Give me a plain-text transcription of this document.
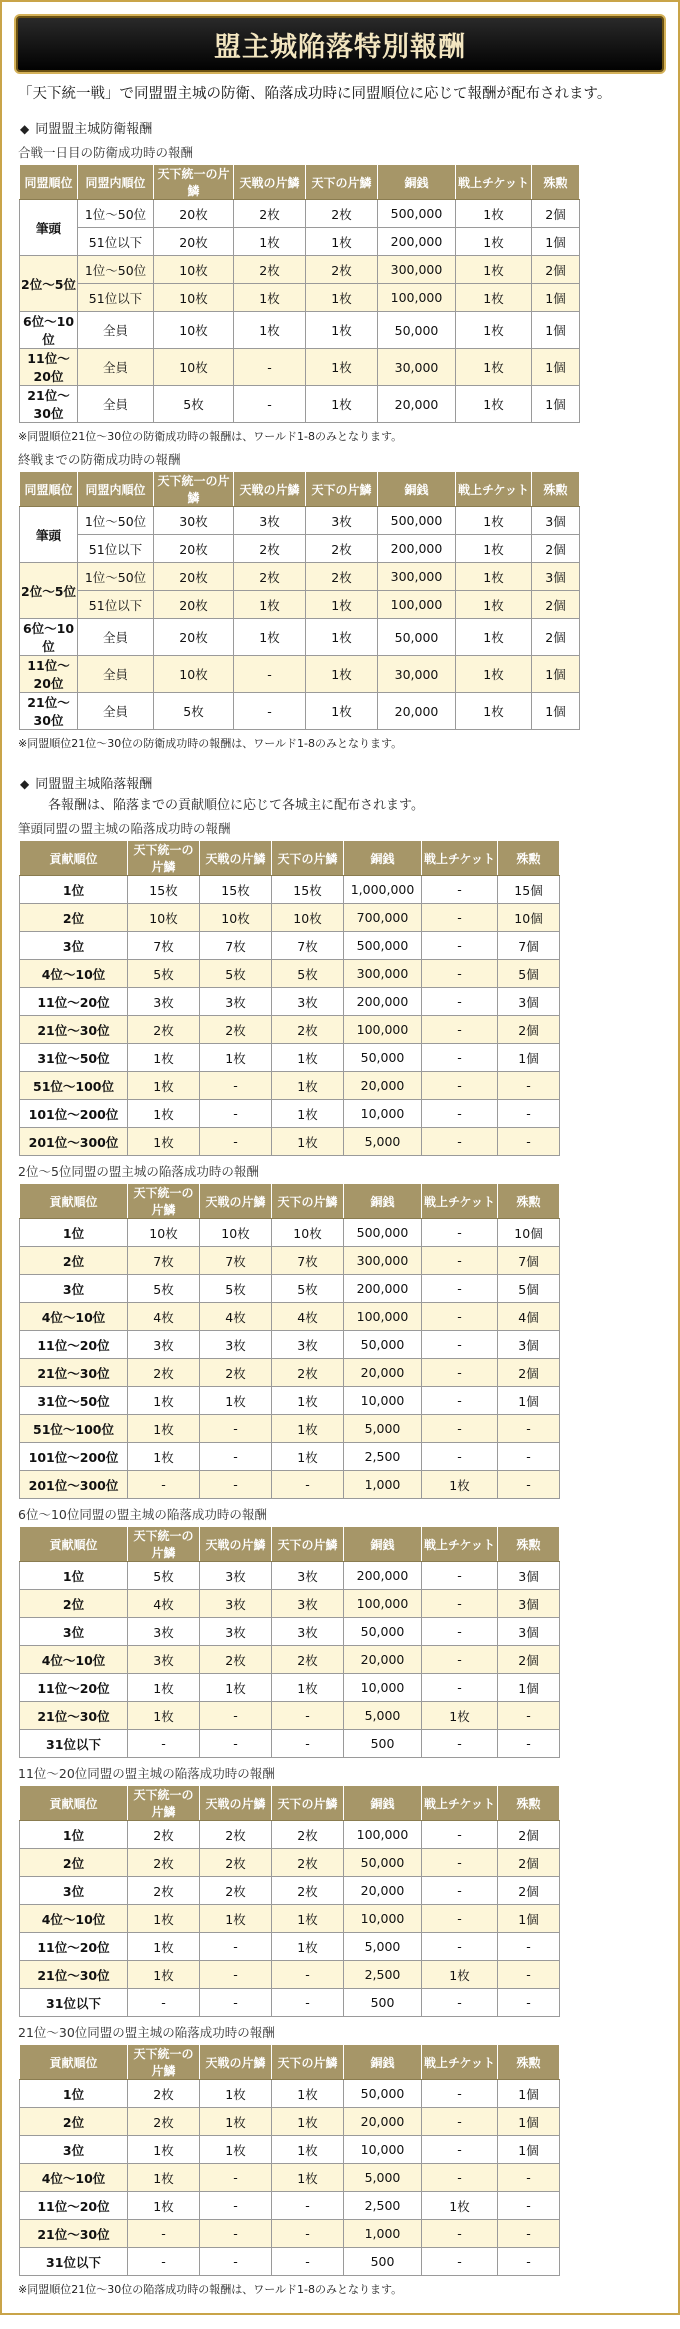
盟主城陥落特別報酬
「天下統一戦」で同盟盟主城の防衛、陥落成功時に同盟順位に応じて報酬が配布されます。
◆ 同盟盟主城防衛報酬
合戦一日目の防衛成功時の報酬
同盟順位	同盟内順位	天下統一の片鱗	天戦の片鱗	天下の片鱗	銅銭	戦上チケット	殊勲
筆頭	1位～50位	20枚	2枚	2枚	500,000	1枚	2個
	51位以下	20枚	1枚	1枚	200,000	1枚	1個
2位～5位	1位～50位	10枚	2枚	2枚	300,000	1枚	2個
	51位以下	10枚	1枚	1枚	100,000	1枚	1個
6位～10位	全員	10枚	1枚	1枚	50,000	1枚	1個
11位～20位	全員	10枚	-	1枚	30,000	1枚	1個
21位～30位	全員	5枚	-	1枚	20,000	1枚	1個
※同盟順位21位～30位の防衛成功時の報酬は、ワールド1-8のみとなります。
終戦までの防衛成功時の報酬
同盟順位	同盟内順位	天下統一の片鱗	天戦の片鱗	天下の片鱗	銅銭	戦上チケット	殊勲
筆頭	1位～50位	30枚	3枚	3枚	500,000	1枚	3個
	51位以下	20枚	2枚	2枚	200,000	1枚	2個
2位～5位	1位～50位	20枚	2枚	2枚	300,000	1枚	3個
	51位以下	20枚	1枚	1枚	100,000	1枚	2個
6位～10位	全員	20枚	1枚	1枚	50,000	1枚	2個
11位～20位	全員	10枚	-	1枚	30,000	1枚	1個
21位～30位	全員	5枚	-	1枚	20,000	1枚	1個
※同盟順位21位～30位の防衛成功時の報酬は、ワールド1-8のみとなります。
◆ 同盟盟主城陥落報酬
各報酬は、陥落までの貢献順位に応じて各城主に配布されます。
筆頭同盟の盟主城の陥落成功時の報酬
貢献順位	天下統一の片鱗	天戦の片鱗	天下の片鱗	銅銭	戦上チケット	殊勲
1位	15枚	15枚	15枚	1,000,000	-	15個
2位	10枚	10枚	10枚	700,000	-	10個
3位	7枚	7枚	7枚	500,000	-	7個
4位～10位	5枚	5枚	5枚	300,000	-	5個
11位～20位	3枚	3枚	3枚	200,000	-	3個
21位～30位	2枚	2枚	2枚	100,000	-	2個
31位～50位	1枚	1枚	1枚	50,000	-	1個
51位～100位	1枚	-	1枚	20,000	-	-
101位～200位	1枚	-	1枚	10,000	-	-
201位～300位	1枚	-	1枚	5,000	-	-
2位～5位同盟の盟主城の陥落成功時の報酬
貢献順位	天下統一の片鱗	天戦の片鱗	天下の片鱗	銅銭	戦上チケット	殊勲
1位	10枚	10枚	10枚	500,000	-	10個
2位	7枚	7枚	7枚	300,000	-	7個
3位	5枚	5枚	5枚	200,000	-	5個
4位～10位	4枚	4枚	4枚	100,000	-	4個
11位～20位	3枚	3枚	3枚	50,000	-	3個
21位～30位	2枚	2枚	2枚	20,000	-	2個
31位～50位	1枚	1枚	1枚	10,000	-	1個
51位～100位	1枚	-	1枚	5,000	-	-
101位～200位	1枚	-	1枚	2,500	-	-
201位～300位	-	-	-	1,000	1枚	-
6位～10位同盟の盟主城の陥落成功時の報酬
貢献順位	天下統一の片鱗	天戦の片鱗	天下の片鱗	銅銭	戦上チケット	殊勲
1位	5枚	3枚	3枚	200,000	-	3個
2位	4枚	3枚	3枚	100,000	-	3個
3位	3枚	3枚	3枚	50,000	-	3個
4位～10位	3枚	2枚	2枚	20,000	-	2個
11位～20位	1枚	1枚	1枚	10,000	-	1個
21位～30位	1枚	-	-	5,000	1枚	-
31位以下	-	-	-	500	-	-
11位～20位同盟の盟主城の陥落成功時の報酬
貢献順位	天下統一の片鱗	天戦の片鱗	天下の片鱗	銅銭	戦上チケット	殊勲
1位	2枚	2枚	2枚	100,000	-	2個
2位	2枚	2枚	2枚	50,000	-	2個
3位	2枚	2枚	2枚	20,000	-	2個
4位～10位	1枚	1枚	1枚	10,000	-	1個
11位～20位	1枚	-	1枚	5,000	-	-
21位～30位	1枚	-	-	2,500	1枚	-
31位以下	-	-	-	500	-	-
21位～30位同盟の盟主城の陥落成功時の報酬
貢献順位	天下統一の片鱗	天戦の片鱗	天下の片鱗	銅銭	戦上チケット	殊勲
1位	2枚	1枚	1枚	50,000	-	1個
2位	2枚	1枚	1枚	20,000	-	1個
3位	1枚	1枚	1枚	10,000	-	1個
4位～10位	1枚	-	1枚	5,000	-	-
11位～20位	1枚	-	-	2,500	1枚	-
21位～30位	-	-	-	1,000	-	-
31位以下	-	-	-	500	-	-
※同盟順位21位～30位の陥落成功時の報酬は、ワールド1-8のみとなります。
